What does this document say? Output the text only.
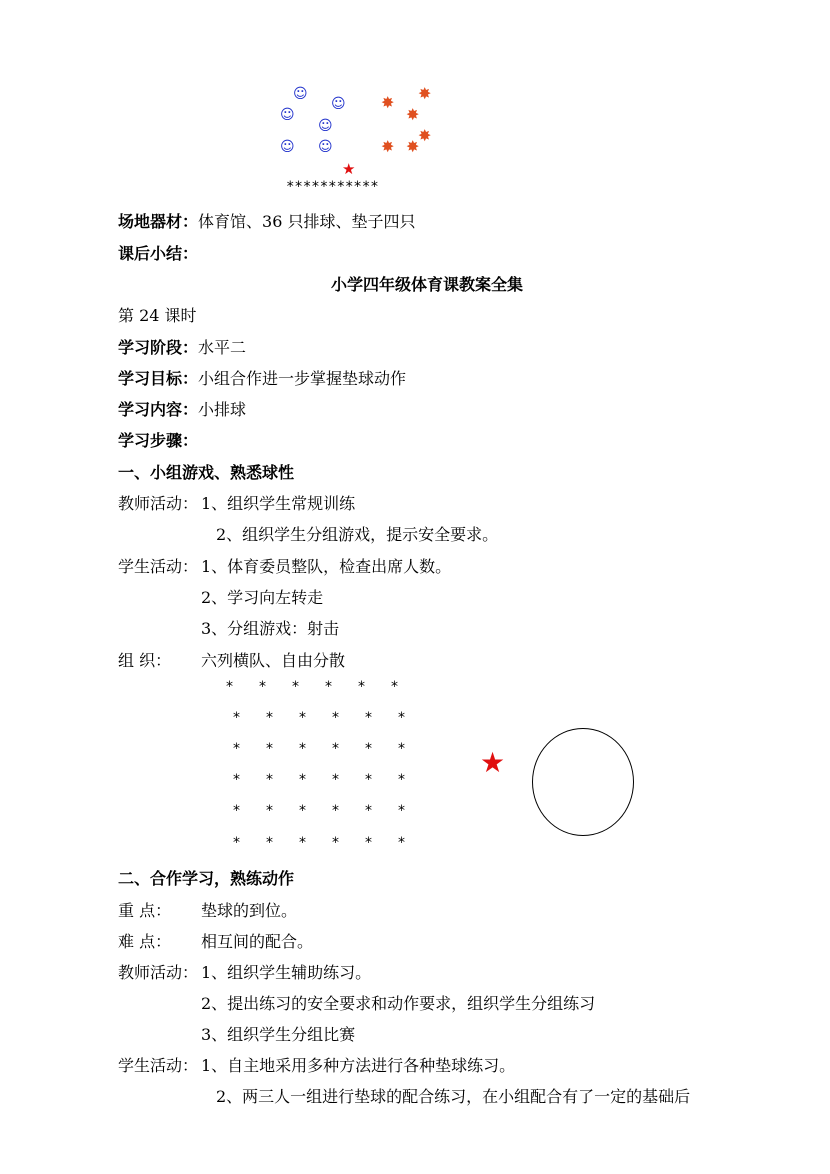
☺
☺
☺
☺
☺ ☺
✸ ✸
✸
✸
✸ ✸
★
***********
场地器材：体育馆、36 只排球、垫子四只
课后小结：
小学四年级体育课教案全集
第 24 课时
学习阶段：水平二
学习目标：小组合作进一步掌握垫球动作
学习内容：小排球
学习步骤：
一、小组游戏、熟悉球性
教师活动： 1、组织学生常规训练
2、组织学生分组游戏，提示安全要求。
学生活动： 1、体育委员整队，检查出席人数。
2、学习向左转走
3、分组游戏：射击
组 织： 六列横队、自由分散
* * * * * *
* * * * * *
* * * * * *
* * * * * *
* * * * * *
* * * * * *
★
二、合作学习，熟练动作
重 点： 垫球的到位。
难 点： 相互间的配合。
教师活动： 1、组织学生辅助练习。
2、提出练习的安全要求和动作要求，组织学生分组练习
3、组织学生分组比赛
学生活动： 1、自主地采用多种方法进行各种垫球练习。
2、两三人一组进行垫球的配合练习，在小组配合有了一定的基础后
